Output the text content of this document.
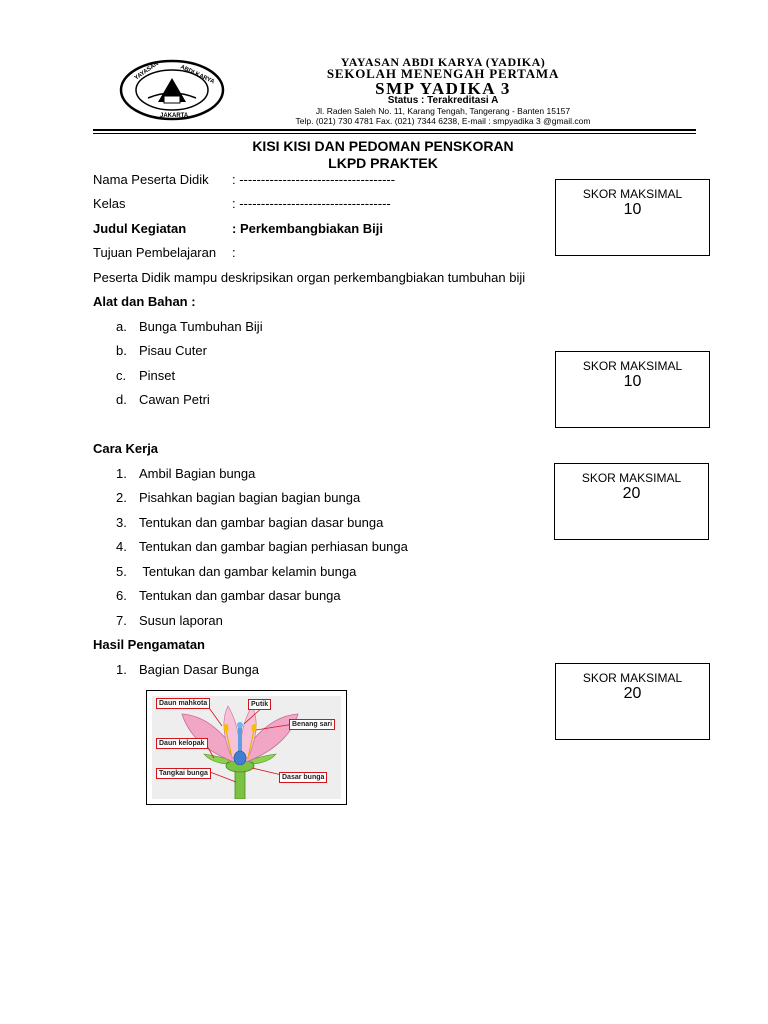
YAYASAN	ABDI KARYA
JAKARTA
YAYASAN ABDI KARYA (YADIKA)
SEKOLAH MENENGAH PERTAMA
SMP YADIKA 3
Status : Terakreditasi A
Jl. Raden Saleh No. 11, Karang Tengah, Tangerang - Banten 15157
Telp. (021) 730 4781 Fax. (021) 7344 6238, E-mail : smpyadika 3 @gmail.com
KISI KISI DAN PEDOMAN PENSKORAN
LKPD PRAKTEK
Nama Peserta Didik : ------------------------------------
Kelas	: -----------------------------------
Judul Kegiatan	: Perkembangbiakan Biji
Tujuan Pembelajaran :
Peserta Didik mampu deskripsikan organ perkembangbiakan tumbuhan biji
Alat dan Bahan :
a. Bunga Tumbuhan Biji
b. Pisau Cuter
c. Pinset
d. Cawan Petri
Cara Kerja
1. Ambil Bagian bunga
2. Pisahkan bagian bagian bagian bunga
3. Tentukan dan gambar bagian dasar bunga
4. Tentukan dan gambar bagian perhiasan bunga
5. Tentukan dan gambar kelamin bunga
6. Tentukan dan gambar dasar bunga
7. Susun laporan
Hasil Pengamatan
1. Bagian Dasar Bunga
Daun mahkota	Putik
Benang sari
Daun kelopak
Tangkai bunga
Dasar bunga
SKOR MAKSIMAL
10
SKOR MAKSIMAL
10
SKOR MAKSIMAL
20
SKOR MAKSIMAL
20
